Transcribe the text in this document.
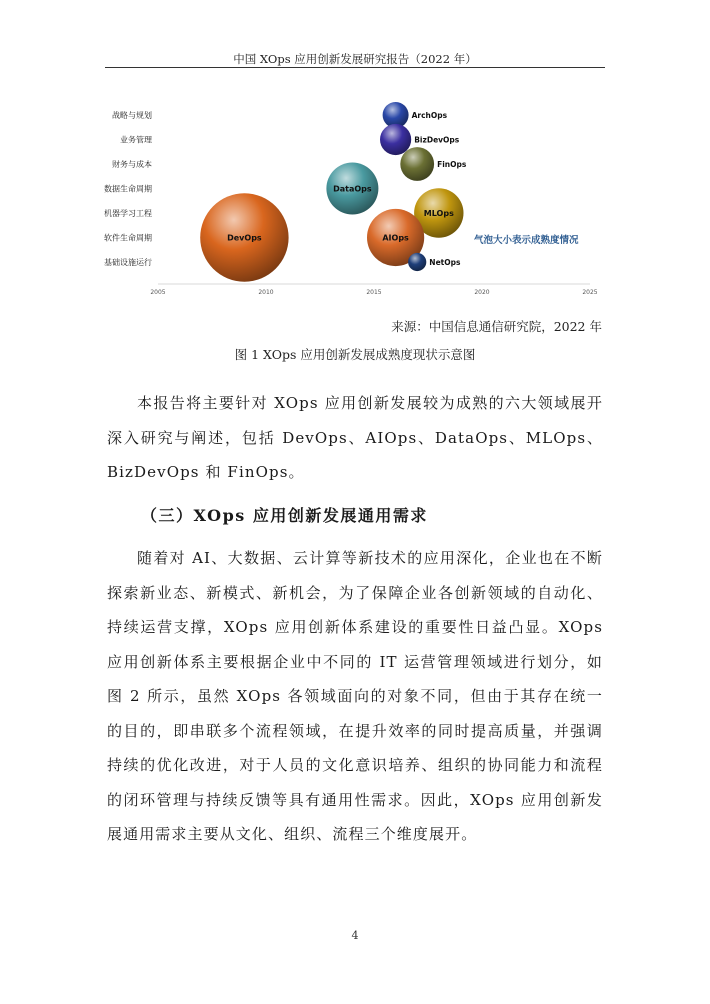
中国 XOps 应用创新发展研究报告（2022 年）
战略与规划
业务管理
财务与成本
数据生命周期
机器学习工程
软件生命周期
基础设施运行
2005	2010	2015	2020	2025
ArchOps
BizDevOps
FinOps
DataOps
MLOps
DevOps	AIOps
NetOps
气泡大小表示成熟度情况
来源：中国信息通信研究院，2022 年
图 1 XOps 应用创新发展成熟度现状示意图
本报告将主要针对 XOps 应用创新发展较为成熟的六大领域展开深入研究与阐述，包括 DevOps、AIOps、DataOps、MLOps、BizDevOps 和 FinOps。
（三）XOps 应用创新发展通用需求
随着对 AI、大数据、云计算等新技术的应用深化，企业也在不断探索新业态、新模式、新机会，为了保障企业各创新领域的自动化、持续运营支撑，XOps 应用创新体系建设的重要性日益凸显。XOps 应用创新体系主要根据企业中不同的 IT 运营管理领域进行划分，如图 2 所示，虽然 XOps 各领域面向的对象不同，但由于其存在统一的目的，即串联多个流程领域，在提升效率的同时提高质量，并强调持续的优化改进，对于人员的文化意识培养、组织的协同能力和流程的闭环管理与持续反馈等具有通用性需求。因此，XOps 应用创新发展通用需求主要从文化、组织、流程三个维度展开。
4
